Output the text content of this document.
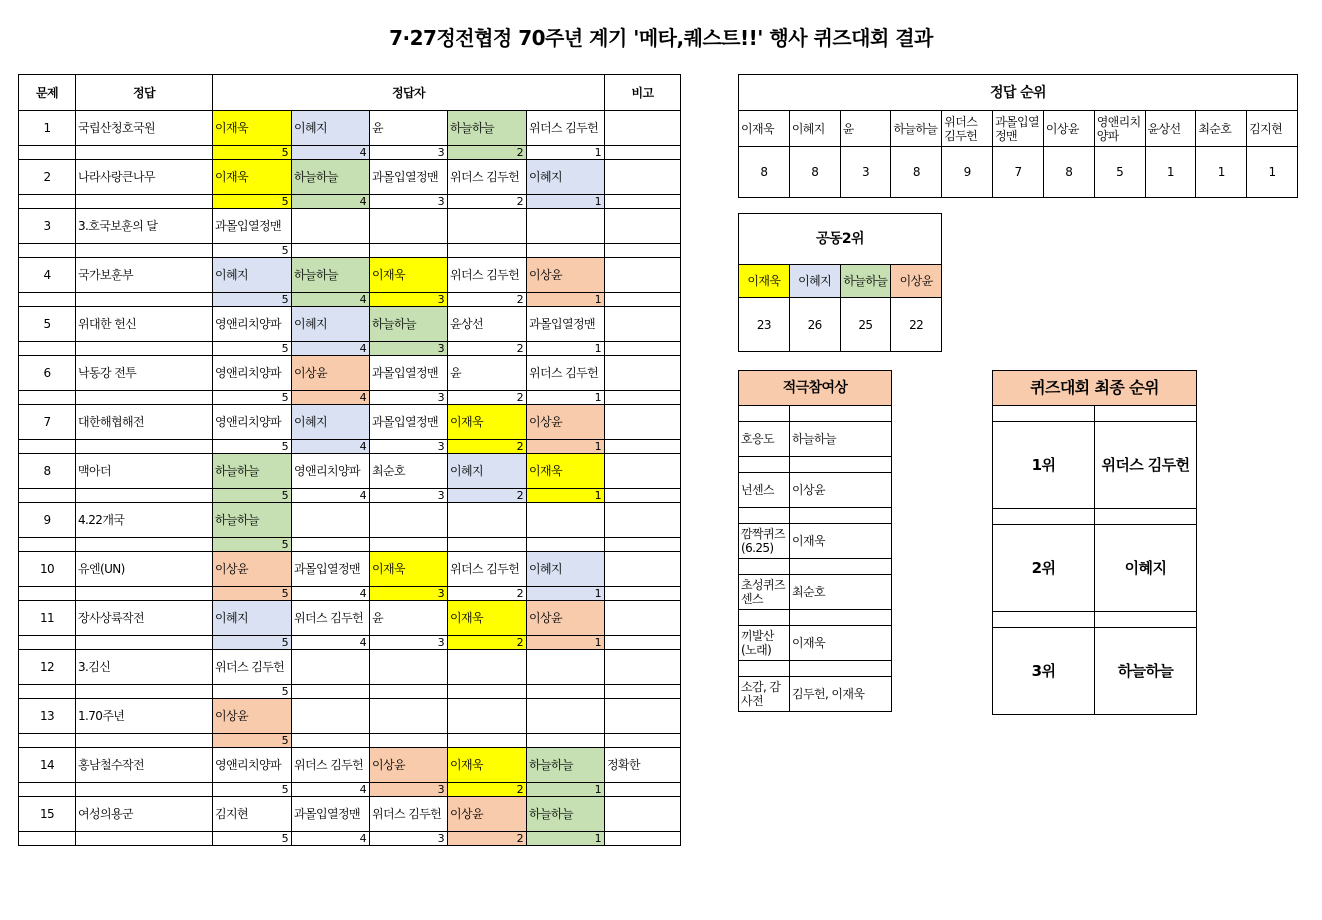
7·27정전협정 70주년 계기 '메타,퀘스트!!' 행사 퀴즈대회 결과
문제	정답	정답자					비고
1	국립산청호국원	이재욱	이혜지	윤	하늘하늘	위더스 김두헌	
		5	4	3	2	1	
2	나라사랑큰나무	이재욱	하늘하늘	과몰입열정맨	위더스 김두헌	이혜지	
		5	4	3	2	1	
3	3.호국보훈의 달	과몰입열정맨					
		5					
4	국가보훈부	이혜지	하늘하늘	이재욱	위더스 김두헌	이상윤	
		5	4	3	2	1	
5	위대한 헌신	영앤리치양파	이혜지	하늘하늘	윤상선	과몰입열정맨	
		5	4	3	2	1	
6	낙동강 전투	영앤리치양파	이상윤	과몰입열정맨	윤	위더스 김두헌	
		5	4	3	2	1	
7	대한해협해전	영앤리치양파	이혜지	과몰입열정맨	이재욱	이상윤	
		5	4	3	2	1	
8	맥아더	하늘하늘	영앤리치양파	최순호	이혜지	이재욱	
		5	4	3	2	1	
9	4.22개국	하늘하늘					
		5					
10	유엔(UN)	이상윤	과몰입열정맨	이재욱	위더스 김두헌	이혜지	
		5	4	3	2	1	
11	장사상륙작전	이혜지	위더스 김두헌	윤	이재욱	이상윤	
		5	4	3	2	1	
12	3.김신	위더스 김두헌					
		5					
13	1.70주년	이상윤					
		5					
14	홍남철수작전	영앤리치양파	위더스 김두헌	이상윤	이재욱	하늘하늘	정확한
		5	4	3	2	1	
15	여성의용군	김지현	과몰입열정맨	위더스 김두헌	이상윤	하늘하늘	
		5	4	3	2	1	
정답 순위										
이재욱	이혜지	윤	하늘하늘	위더스 김두헌	과몰입열정맨	이상윤	영앤리치양파	윤상선	최순호	김지현
8	8	3	8	9	7	8	5	1	1	1
공동2위			
이재욱	이혜지	하늘하늘	이상윤
23	26	25	22
적극참여상	

호응도	하늘하늘

넌센스	이상윤

깜짝퀴즈(6.25)	이재욱

초성퀴즈 센스	최순호

끼발산(노래)	이재욱

소감, 감사전	김두헌, 이재욱
퀴즈대회 최종 순위	

1위	위더스 김두헌

2위	이혜지

3위	하늘하늘
